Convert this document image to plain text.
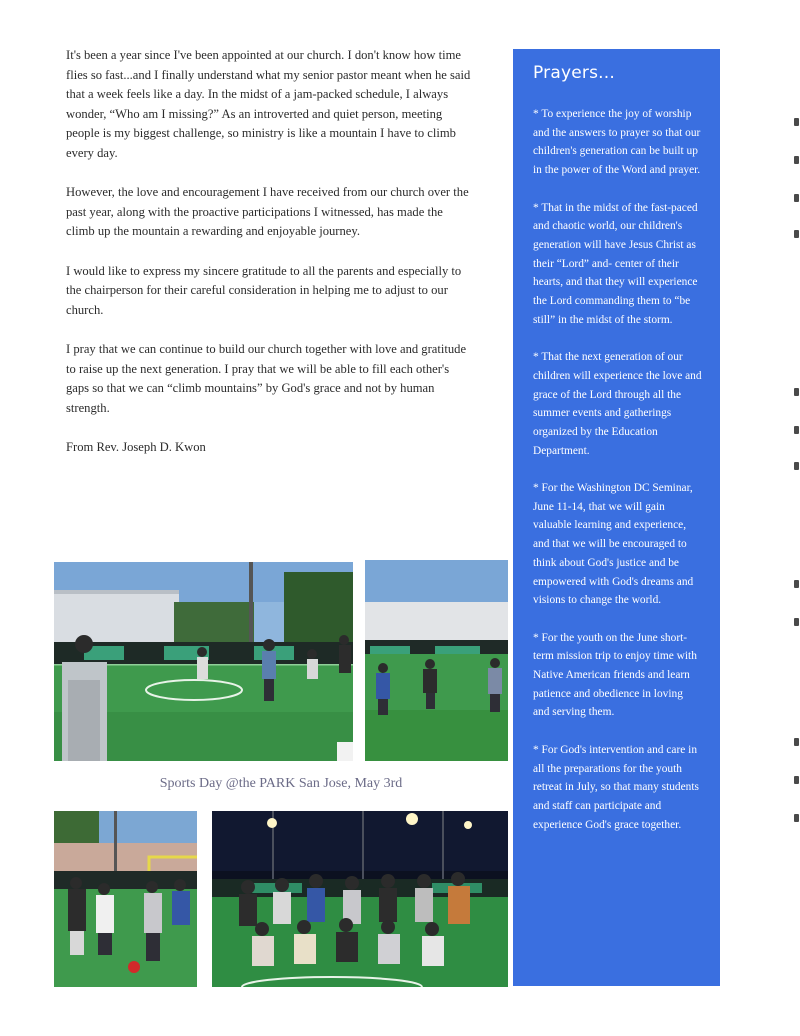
It's been a year since I've been appointed at our church. I don't know how time flies so fast...and I finally understand what my senior pastor meant when he said that a week feels like a day. In the midst of a jam-packed schedule, I always wonder, “Who am I missing?” As an introverted and quiet person, meeting people is my biggest challenge, so ministry is like a mountain I have to climb every day.

However, the love and encouragement I have received from our church over the past year, along with the proactive participations I witnessed, has made the climb up the mountain a rewarding and enjoyable journey.

I would like to express my sincere gratitude to all the parents and especially to the chairperson for their careful consideration in helping me to adjust to our church.

I pray that we can continue to build our church together with love and gratitude to raise up the next generation. I pray that we will be able to fill each other's gaps so that we can “climb mountains” by God's grace and not by human strength.

From Rev. Joseph D. Kwon

Prayers...

* To experience the joy of worship and the answers to prayer so that our children's generation can be built up in the power of the Word and prayer.

* That in the midst of the fast-paced and chaotic world, our children's generation will have Jesus Christ as their “Lord” and- center of their hearts, and that they will experience the Lord commanding them to “be still” in the midst of the storm.

* That the next generation of our children will experience the love and grace of the Lord through all the summer events and gatherings organized by the Education Department.

* For the Washington DC Seminar, June 11-14, that we will gain valuable learning and experience, and that we will be encouraged to think about God's justice and be empowered with God's dreams and visions to change the world.

* For the youth on the June short-term mission trip to enjoy time with Native American friends and learn patience and obedience in loving and serving them.

* For God's intervention and care in all the preparations for the youth retreat in July, so that many students and staff can participate and experience God's grace together.

Sports Day @the PARK San Jose, May 3rd
